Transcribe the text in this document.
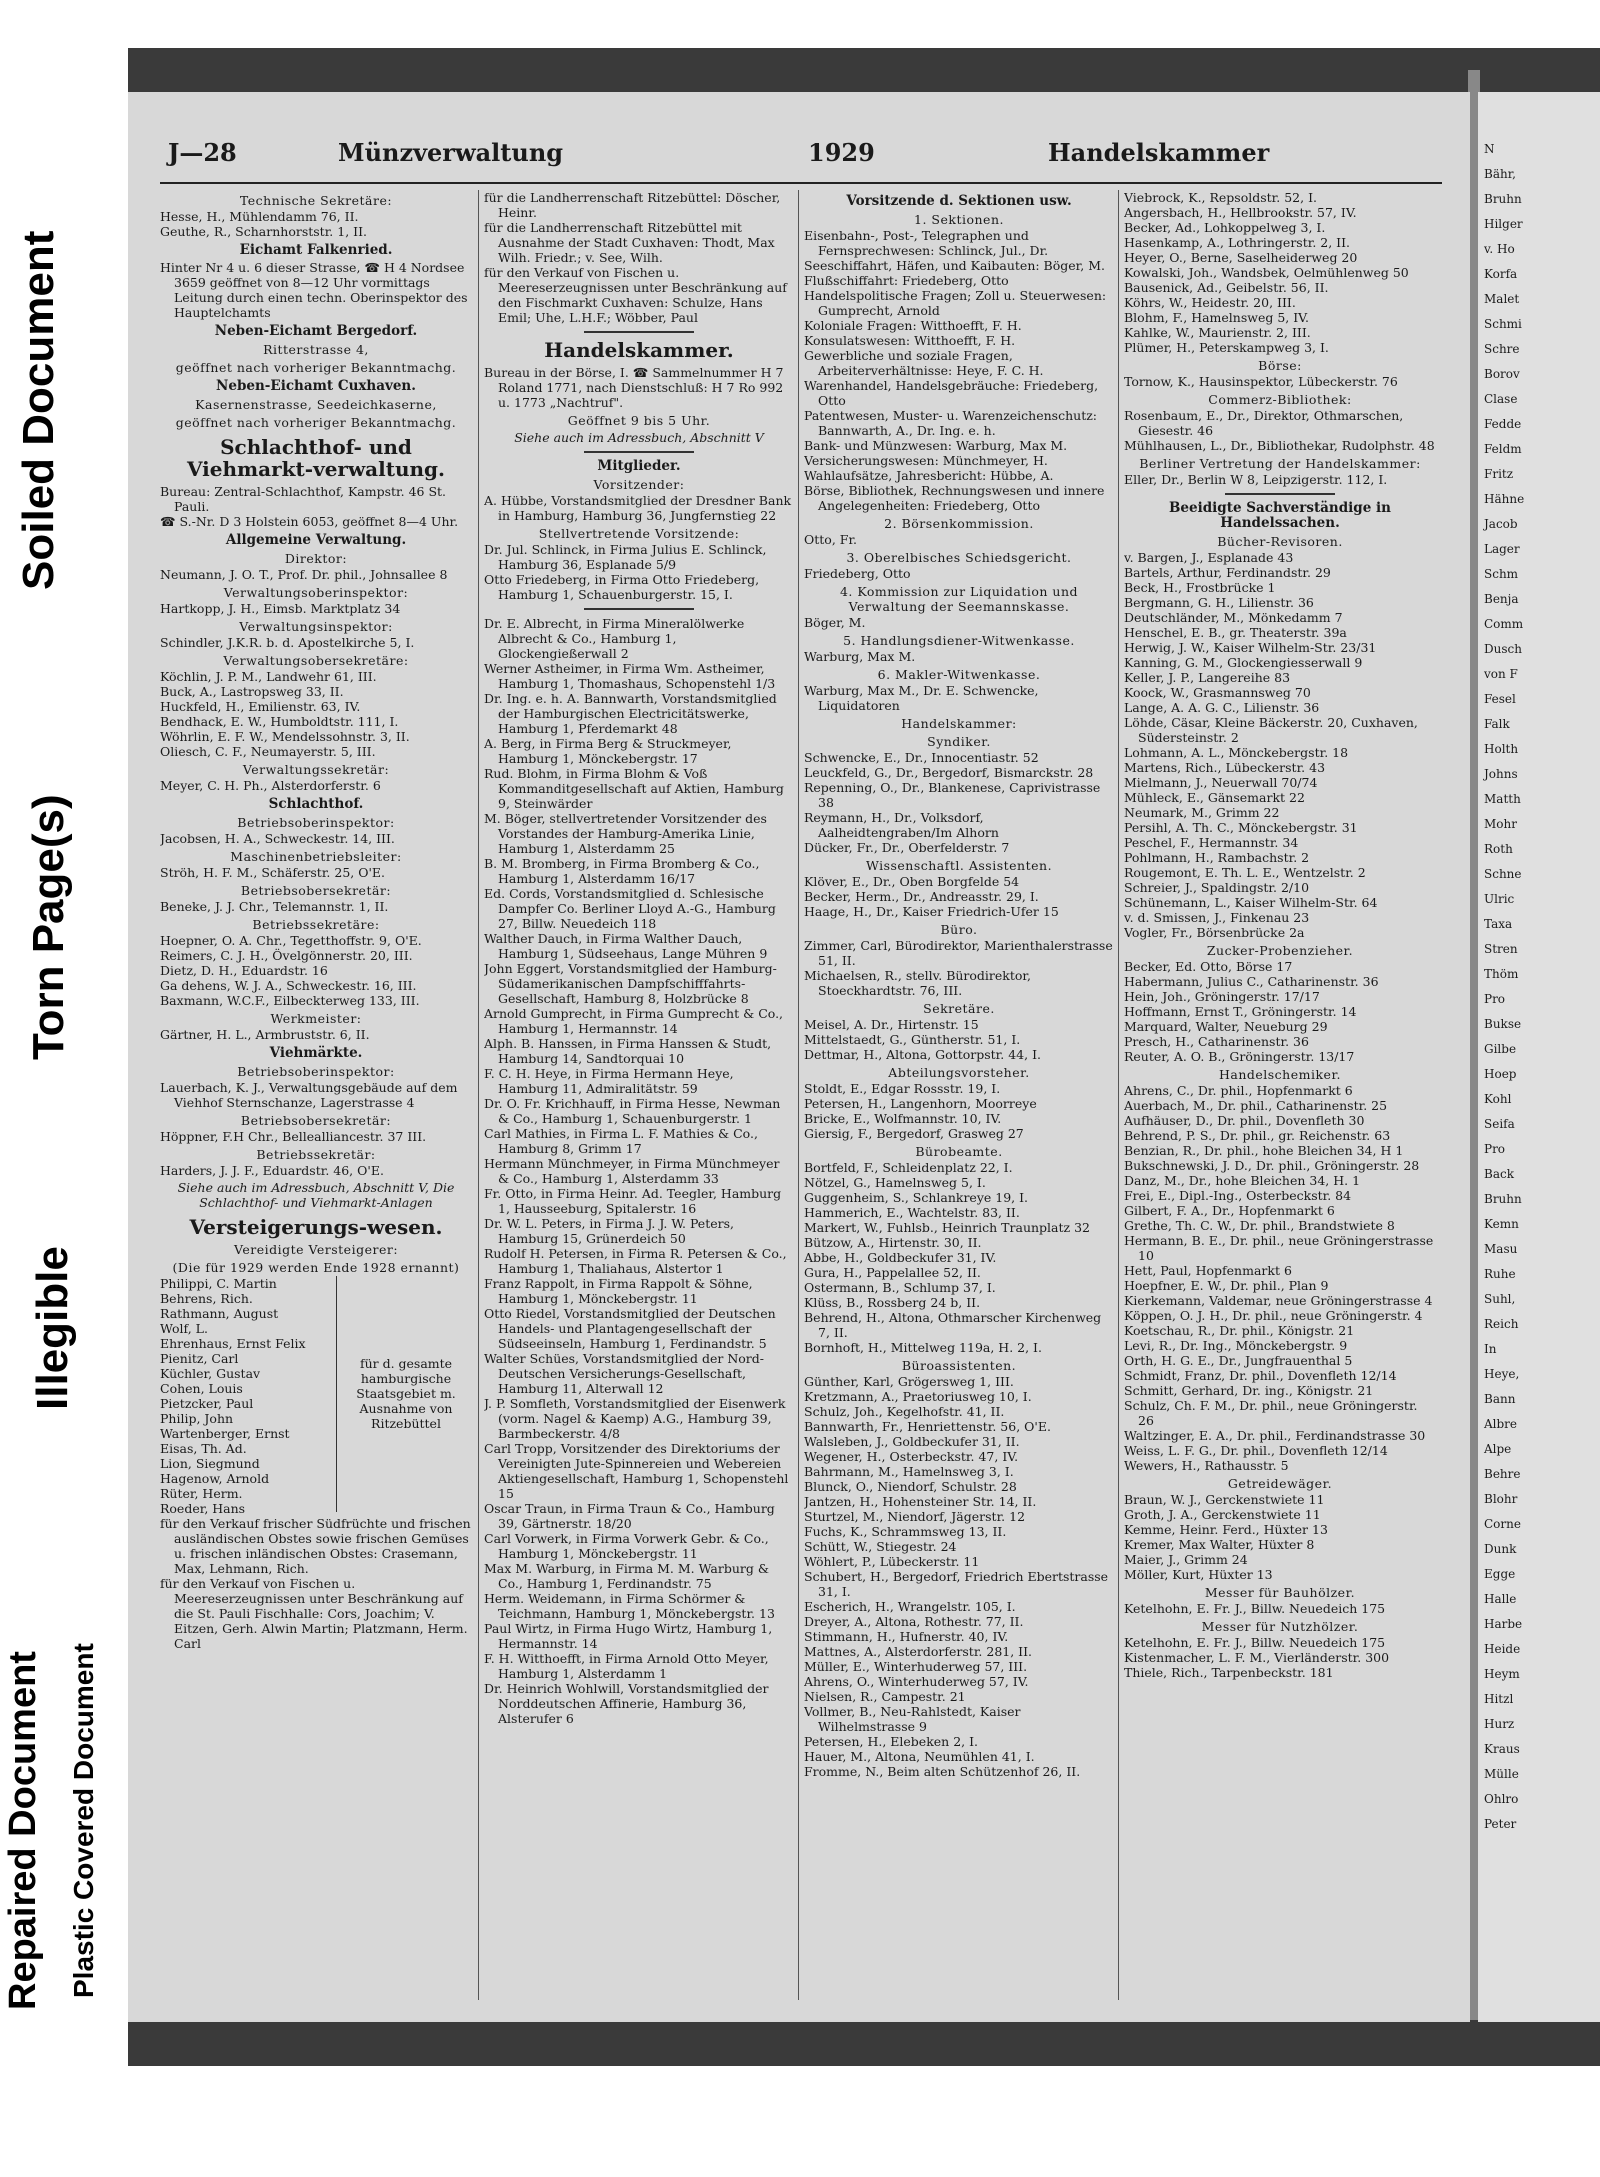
Soiled Document
Torn Page(s)
Illegible
Repaired Document Plastic Covered Document
J—28	Münzverwaltung	1929	Handelskammer
Technische Sekretäre:
Hesse, H., Mühlendamm 76, II.
Geuthe, R., Scharnhorststr. 1, II.
Eichamt Falkenried.
Hinter Nr 4 u. 6 dieser Strasse, ☎ H 4 Nordsee 3659 geöffnet von 8—12 Uhr vormittags Leitung durch einen techn. Oberinspektor des Hauptelchamts
Neben-Eichamt Bergedorf.
Ritterstrasse 4,
geöffnet nach vorheriger Bekanntmachg.
Neben-Eichamt Cuxhaven.
Kasernenstrasse, Seedeichkaserne,
geöffnet nach vorheriger Bekanntmachg.
Schlachthof- und Viehmarkt-verwaltung.
Bureau: Zentral-Schlachthof, Kampstr. 46 St. Pauli.
☎ S.-Nr. D 3 Holstein 6053, geöffnet 8—4 Uhr.
Allgemeine Verwaltung.
Direktor:
Neumann, J. O. T., Prof. Dr. phil., Johnsallee 8
Verwaltungsoberinspektor:
Hartkopp, J. H., Eimsb. Marktplatz 34
Verwaltungsinspektor:
Schindler, J.K.R. b. d. Apostelkirche 5, I.
Verwaltungsobersekretäre:
Köchlin, J. P. M., Landwehr 61, III.
Buck, A., Lastropsweg 33, II.
Huckfeld, H., Emilienstr. 63, IV.
Bendhack, E. W., Humboldtstr. 111, I.
Wöhrlin, E. F. W., Mendelssohnstr. 3, II.
Oliesch, C. F., Neumayerstr. 5, III.
Verwaltungssekretär:
Meyer, C. H. Ph., Alsterdorferstr. 6
Schlachthof.
Betriebsoberinspektor:
Jacobsen, H. A., Schweckestr. 14, III.
Maschinenbetriebsleiter:
Ströh, H. F. M., Schäferstr. 25, O'E.
Betriebsobersekretär:
Beneke, J. J. Chr., Telemannstr. 1, II.
Betriebssekretäre:
Hoepner, O. A. Chr., Tegetthoffstr. 9, O'E.
Reimers, C. J. H., Övelgönnerstr. 20, III.
Dietz, D. H., Eduardstr. 16
Ga dehens, W. J. A., Schweckestr. 16, III.
Baxmann, W.C.F., Eilbeckterweg 133, III.
Werkmeister:
Gärtner, H. L., Armbruststr. 6, II.
Viehmärkte.
Betriebsoberinspektor:
Lauerbach, K. J., Verwaltungsgebäude auf dem Viehhof Sternschanze, Lagerstrasse 4
Betriebsobersekretär:
Höppner, F.H Chr., Bellealliancestr. 37 III.
Betriebssekretär:
Harders, J. J. F., Eduardstr. 46, O'E.
Siehe auch im Adressbuch, Abschnitt V, Die Schlachthof- und Viehmarkt-Anlagen
Versteigerungs-wesen.
Vereidigte Versteigerer:
(Die für 1929 werden Ende 1928 ernannt)
Philippi, C. Martin
Behrens, Rich.
Rathmann, August
Wolf, L.
Ehrenhaus, Ernst Felix
Pienitz, Carl
Küchler, Gustav
Cohen, Louis
Pietzcker, Paul
Philip, John
Wartenberger, Ernst
Eisas, Th. Ad.
Lion, Siegmund
Hagenow, Arnold
Rüter, Herm.
Roeder, Hans
für d. gesamte hamburgische Staatsgebiet m. Ausnahme von Ritzebüttel
für den Verkauf frischer Südfrüchte und frischen ausländischen Obstes sowie frischen Gemüses u. frischen inländischen Obstes: Crasemann, Max, Lehmann, Rich.
für den Verkauf von Fischen u. Meereserzeugnissen unter Beschränkung auf die St. Pauli Fischhalle: Cors, Joachim; V. Eitzen, Gerh. Alwin Martin; Platzmann, Herm. Carl
für die Landherrenschaft Ritzebüttel: Döscher, Heinr.
für die Landherrenschaft Ritzebüttel mit Ausnahme der Stadt Cuxhaven: Thodt, Max Wilh. Friedr.; v. See, Wilh.
für den Verkauf von Fischen u. Meereserzeugnissen unter Beschränkung auf den Fischmarkt Cuxhaven: Schulze, Hans Emil; Uhe, L.H.F.; Wöbber, Paul
Handelskammer.
Bureau in der Börse, I. ☎ Sammelnummer H 7 Roland 1771, nach Dienstschluß: H 7 Ro 992 u. 1773 „Nachtruf".
Geöffnet 9 bis 5 Uhr.
Siehe auch im Adressbuch, Abschnitt V
Mitglieder.
Vorsitzender:
A. Hübbe, Vorstandsmitglied der Dresdner Bank in Hamburg, Hamburg 36, Jungfernstieg 22
Stellvertretende Vorsitzende:
Dr. Jul. Schlinck, in Firma Julius E. Schlinck, Hamburg 36, Esplanade 5/9
Otto Friedeberg, in Firma Otto Friedeberg, Hamburg 1, Schauenburgerstr. 15, I.
Dr. E. Albrecht, in Firma Mineralölwerke Albrecht & Co., Hamburg 1, Glockengießerwall 2
Werner Astheimer, in Firma Wm. Astheimer, Hamburg 1, Thomashaus, Schopenstehl 1/3
Dr. Ing. e. h. A. Bannwarth, Vorstandsmitglied der Hamburgischen Electricitätswerke, Hamburg 1, Pferdemarkt 48
A. Berg, in Firma Berg & Struckmeyer, Hamburg 1, Mönckebergstr. 17
Rud. Blohm, in Firma Blohm & Voß Kommanditgesellschaft auf Aktien, Hamburg 9, Steinwärder
M. Böger, stellvertretender Vorsitzender des Vorstandes der Hamburg-Amerika Linie, Hamburg 1, Alsterdamm 25
B. M. Bromberg, in Firma Bromberg & Co., Hamburg 1, Alsterdamm 16/17
Ed. Cords, Vorstandsmitglied d. Schlesische Dampfer Co. Berliner Lloyd A.-G., Hamburg 27, Billw. Neuedeich 118
Walther Dauch, in Firma Walther Dauch, Hamburg 1, Südseehaus, Lange Mühren 9
John Eggert, Vorstandsmitglied der Hamburg-Südamerikanischen Dampfschifffahrts-Gesellschaft, Hamburg 8, Holzbrücke 8
Arnold Gumprecht, in Firma Gumprecht & Co., Hamburg 1, Hermannstr. 14
Alph. B. Hanssen, in Firma Hanssen & Studt, Hamburg 14, Sandtorquai 10
F. C. H. Heye, in Firma Hermann Heye, Hamburg 11, Admiralitätstr. 59
Dr. O. Fr. Krichhauff, in Firma Hesse, Newman & Co., Hamburg 1, Schauenburgerstr. 1
Carl Mathies, in Firma L. F. Mathies & Co., Hamburg 8, Grimm 17
Hermann Münchmeyer, in Firma Münchmeyer & Co., Hamburg 1, Alsterdamm 33
Fr. Otto, in Firma Heinr. Ad. Teegler, Hamburg 1, Hausseeburg, Spitalerstr. 16
Dr. W. L. Peters, in Firma J. J. W. Peters, Hamburg 15, Grünerdeich 50
Rudolf H. Petersen, in Firma R. Petersen & Co., Hamburg 1, Thaliahaus, Alstertor 1
Franz Rappolt, in Firma Rappolt & Söhne, Hamburg 1, Mönckebergstr. 11
Otto Riedel, Vorstandsmitglied der Deutschen Handels- und Plantagengesellschaft der Südseeinseln, Hamburg 1, Ferdinandstr. 5
Walter Schües, Vorstandsmitglied der Nord-Deutschen Versicherungs-Gesellschaft, Hamburg 11, Alterwall 12
J. P. Somfleth, Vorstandsmitglied der Eisenwerk (vorm. Nagel & Kaemp) A.G., Hamburg 39, Barmbeckerstr. 4/8
Carl Tropp, Vorsitzender des Direktoriums der Vereinigten Jute-Spinnereien und Webereien Aktiengesellschaft, Hamburg 1, Schopenstehl 15
Oscar Traun, in Firma Traun & Co., Hamburg 39, Gärtnerstr. 18/20
Carl Vorwerk, in Firma Vorwerk Gebr. & Co., Hamburg 1, Mönckebergstr. 11
Max M. Warburg, in Firma M. M. Warburg & Co., Hamburg 1, Ferdinandstr. 75
Herm. Weidemann, in Firma Schörmer & Teichmann, Hamburg 1, Mönckebergstr. 13
Paul Wirtz, in Firma Hugo Wirtz, Hamburg 1, Hermannstr. 14
F. H. Witthoefft, in Firma Arnold Otto Meyer, Hamburg 1, Alsterdamm 1
Dr. Heinrich Wohlwill, Vorstandsmitglied der Norddeutschen Affinerie, Hamburg 36, Alsterufer 6
Vorsitzende d. Sektionen usw.
1. Sektionen.
Eisenbahn-, Post-, Telegraphen und Fernsprechwesen: Schlinck, Jul., Dr.
Seeschiffahrt, Häfen, und Kaibauten: Böger, M.
Flußschiffahrt: Friedeberg, Otto
Handelspolitische Fragen; Zoll u. Steuerwesen: Gumprecht, Arnold
Koloniale Fragen: Witthoefft, F. H.
Konsulatswesen: Witthoefft, F. H.
Gewerbliche und soziale Fragen, Arbeiterverhältnisse: Heye, F. C. H.
Warenhandel, Handelsgebräuche: Friedeberg, Otto
Patentwesen, Muster- u. Warenzeichenschutz: Bannwarth, A., Dr. Ing. e. h.
Bank- und Münzwesen: Warburg, Max M.
Versicherungswesen: Münchmeyer, H.
Wahlaufsätze, Jahresbericht: Hübbe, A.
Börse, Bibliothek, Rechnungswesen und innere Angelegenheiten: Friedeberg, Otto
2. Börsenkommission.
Otto, Fr.
3. Oberelbisches Schiedsgericht.
Friedeberg, Otto
4. Kommission zur Liquidation und Verwaltung der Seemannskasse.
Böger, M.
5. Handlungsdiener-Witwenkasse.
Warburg, Max M.
6. Makler-Witwenkasse.
Warburg, Max M., Dr. E. Schwencke, Liquidatoren
Handelskammer:
Syndiker.
Schwencke, E., Dr., Innocentiastr. 52
Leuckfeld, G., Dr., Bergedorf, Bismarckstr. 28
Repenning, O., Dr., Blankenese, Caprivistrasse 38
Reymann, H., Dr., Volksdorf, Aalheidtengraben/Im Alhorn
Dücker, Fr., Dr., Oberfelderstr. 7
Wissenschaftl. Assistenten.
Klöver, E., Dr., Oben Borgfelde 54
Becker, Herm., Dr., Andreasstr. 29, I.
Haage, H., Dr., Kaiser Friedrich-Ufer 15
Büro.
Zimmer, Carl, Bürodirektor, Marienthalerstrasse 51, II.
Michaelsen, R., stellv. Bürodirektor, Stoeckhardtstr. 76, III.
Sekretäre.
Meisel, A. Dr., Hirtenstr. 15
Mittelstaedt, G., Güntherstr. 51, I.
Dettmar, H., Altona, Gottorpstr. 44, I.
Abteilungsvorsteher.
Stoldt, E., Edgar Rossstr. 19, I.
Petersen, H., Langenhorn, Moorreye
Bricke, E., Wolfmannstr. 10, IV.
Giersig, F., Bergedorf, Grasweg 27
Bürobeamte.
Bortfeld, F., Schleidenplatz 22, I.
Nötzel, G., Hamelnsweg 5, I.
Guggenheim, S., Schlankreye 19, I.
Hammerich, E., Wachtelstr. 83, II.
Markert, W., Fuhlsb., Heinrich Traunplatz 32
Bützow, A., Hirtenstr. 30, II.
Abbe, H., Goldbeckufer 31, IV.
Gura, H., Pappelallee 52, II.
Ostermann, B., Schlump 37, I.
Klüss, B., Rossberg 24 b, II.
Behrend, H., Altona, Othmarscher Kirchenweg 7, II.
Bornhoft, H., Mittelweg 119a, H. 2, I.
Büroassistenten.
Günther, Karl, Grögersweg 1, III.
Kretzmann, A., Praetoriusweg 10, I.
Schulz, Joh., Kegelhofstr. 41, II.
Bannwarth, Fr., Henriettenstr. 56, O'E.
Walsleben, J., Goldbeckufer 31, II.
Wegener, H., Osterbeckstr. 47, IV.
Bahrmann, M., Hamelnsweg 3, I.
Blunck, O., Niendorf, Schulstr. 28
Jantzen, H., Hohensteiner Str. 14, II.
Sturtzel, M., Niendorf, Jägerstr. 12
Fuchs, K., Schrammsweg 13, II.
Schütt, W., Stiegestr. 24
Wöhlert, P., Lübeckerstr. 11
Schubert, H., Bergedorf, Friedrich Ebertstrasse 31, I.
Escherich, H., Wrangelstr. 105, I.
Dreyer, A., Altona, Rothestr. 77, II.
Stimmann, H., Hufnerstr. 40, IV.
Mattnes, A., Alsterdorferstr. 281, II.
Müller, E., Winterhuderweg 57, III.
Ahrens, O., Winterhuderweg 57, IV.
Nielsen, R., Campestr. 21
Vollmer, B., Neu-Rahlstedt, Kaiser Wilhelmstrasse 9
Petersen, H., Elebeken 2, I.
Hauer, M., Altona, Neumühlen 41, I.
Fromme, N., Beim alten Schützenhof 26, II.
Viebrock, K., Repsoldstr. 52, I.
Angersbach, H., Hellbrookstr. 57, IV.
Becker, Ad., Lohkoppelweg 3, I.
Hasenkamp, A., Lothringerstr. 2, II.
Heyer, O., Berne, Saselheiderweg 20
Kowalski, Joh., Wandsbek, Oelmühlenweg 50
Bausenick, Ad., Geibelstr. 56, II.
Köhrs, W., Heidestr. 20, III.
Blohm, F., Hamelnsweg 5, IV.
Kahlke, W., Maurienstr. 2, III.
Plümer, H., Peterskampweg 3, I.
Börse:
Tornow, K., Hausinspektor, Lübeckerstr. 76
Commerz-Bibliothek:
Rosenbaum, E., Dr., Direktor, Othmarschen, Giesestr. 46
Mühlhausen, L., Dr., Bibliothekar, Rudolphstr. 48
Berliner Vertretung der Handelskammer:
Eller, Dr., Berlin W 8, Leipzigerstr. 112, I.
Beeidigte Sachverständige in Handelssachen.
Bücher-Revisoren.
v. Bargen, J., Esplanade 43
Bartels, Arthur, Ferdinandstr. 29
Beck, H., Frostbrücke 1
Bergmann, G. H., Lilienstr. 36
Deutschländer, M., Mönkedamm 7
Henschel, E. B., gr. Theaterstr. 39a
Herwig, J. W., Kaiser Wilhelm-Str. 23/31
Kanning, G. M., Glockengiesserwall 9
Keller, J. P., Langereihe 83
Koock, W., Grasmannsweg 70
Lange, A. A. G. C., Lilienstr. 36
Löhde, Cäsar, Kleine Bäckerstr. 20, Cuxhaven, Südersteinstr. 2
Lohmann, A. L., Mönckebergstr. 18
Martens, Rich., Lübeckerstr. 43
Mielmann, J., Neuerwall 70/74
Mühleck, E., Gänsemarkt 22
Neumark, M., Grimm 22
Persihl, A. Th. C., Mönckebergstr. 31
Peschel, F., Hermannstr. 34
Pohlmann, H., Rambachstr. 2
Rougemont, E. Th. L. E., Wentzelstr. 2
Schreier, J., Spaldingstr. 2/10
Schünemann, L., Kaiser Wilhelm-Str. 64
v. d. Smissen, J., Finkenau 23
Vogler, Fr., Börsenbrücke 2a
Zucker-Probenzieher.
Becker, Ed. Otto, Börse 17
Habermann, Julius C., Catharinenstr. 36
Hein, Joh., Gröningerstr. 17/17
Hoffmann, Ernst T., Gröningerstr. 14
Marquard, Walter, Neueburg 29
Presch, H., Catharinenstr. 36
Reuter, A. O. B., Gröningerstr. 13/17
Handelschemiker.
Ahrens, C., Dr. phil., Hopfenmarkt 6
Auerbach, M., Dr. phil., Catharinenstr. 25
Aufhäuser, D., Dr. phil., Dovenfleth 30
Behrend, P. S., Dr. phil., gr. Reichenstr. 63
Benzian, R., Dr. phil., hohe Bleichen 34, H 1
Bukschnewski, J. D., Dr. phil., Gröningerstr. 28
Danz, M., Dr., hohe Bleichen 34, H. 1
Frei, E., Dipl.-Ing., Osterbeckstr. 84
Gilbert, F. A., Dr., Hopfenmarkt 6
Grethe, Th. C. W., Dr. phil., Brandstwiete 8
Hermann, B. E., Dr. phil., neue Gröningerstrasse 10
Hett, Paul, Hopfenmarkt 6
Hoepfner, E. W., Dr. phil., Plan 9
Kierkemann, Valdemar, neue Gröningerstrasse 4
Köppen, O. J. H., Dr. phil., neue Gröningerstr. 4
Koetschau, R., Dr. phil., Königstr. 21
Levi, R., Dr. Ing., Mönckebergstr. 9
Orth, H. G. E., Dr., Jungfrauenthal 5
Schmidt, Franz, Dr. phil., Dovenfleth 12/14
Schmitt, Gerhard, Dr. ing., Königstr. 21
Schulz, Ch. F. M., Dr. phil., neue Gröningerstr. 26
Waltzinger, E. A., Dr. phil., Ferdinandstrasse 30
Weiss, L. F. G., Dr. phil., Dovenfleth 12/14
Wewers, H., Rathausstr. 5
Getreidewäger.
Braun, W. J., Gerckenstwiete 11
Groth, J. A., Gerckenstwiete 11
Kemme, Heinr. Ferd., Hüxter 13
Kremer, Max Walter, Hüxter 8
Maier, J., Grimm 24
Möller, Kurt, Hüxter 13
Messer für Bauhölzer.
Ketelhohn, E. Fr. J., Billw. Neuedeich 175
Messer für Nutzhölzer.
Ketelhohn, E. Fr. J., Billw. Neuedeich 175
Kistenmacher, L. F. M., Vierländerstr. 300
Thiele, Rich., Tarpenbeckstr. 181
N
Bähr,
Bruhn
Hilger
v. Ho
Korfa
Malet
Schmi
Schre
Borov
Clase
Fedde
Feldm
Fritz
Hähne
Jacob
Lager
Schm
Benja
Comm
Dusch
von F
Fesel
Falk
Holth
Johns
Matth
Mohr
Roth
Schne
Ulric
Taxa
Stren
Thöm
Pro
Bukse
Gilbe
Hoep
Kohl
Seifa
Pro
Back
Bruhn
Kemn
Masu
Ruhe
Suhl,
Reich
In
Heye,
Bann
Albre
Alpe
Behre
Blohr
Corne
Dunk
Egge
Halle
Harbe
Heide
Heym
Hitzl
Hurz
Kraus
Mülle
Ohlro
Peter
